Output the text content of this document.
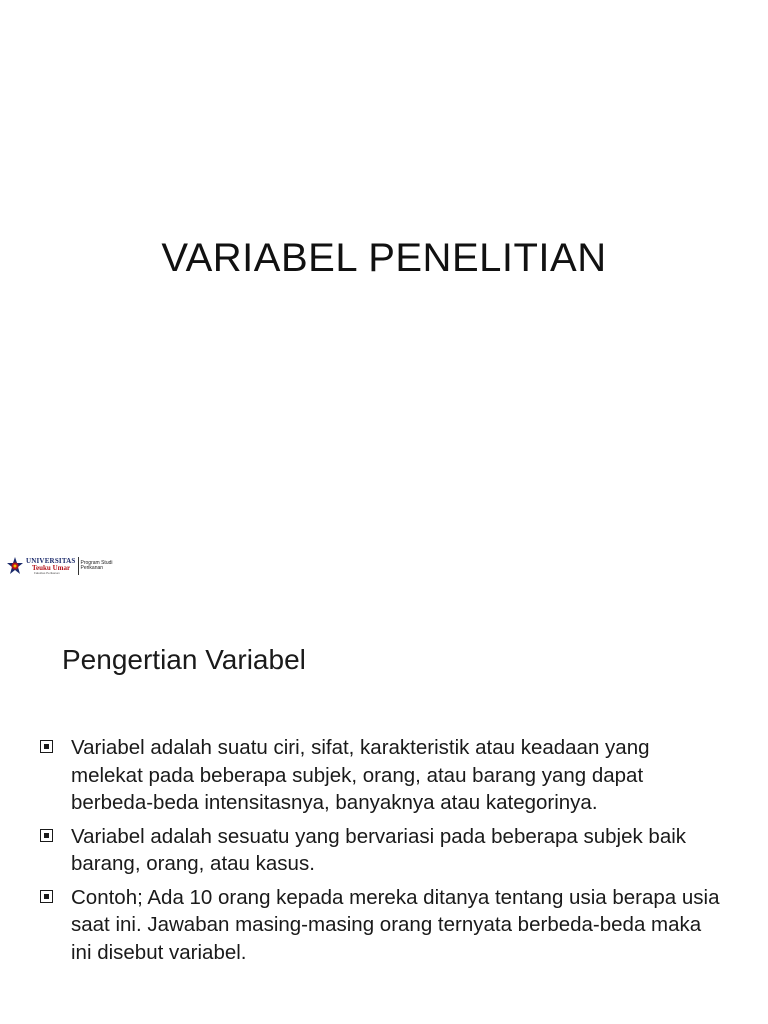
VARIABEL PENELITIAN
UNIVERSITAS
Teuku Umar
Fakultas Perikanan
Program Studi
Perikanan
Pengertian Variabel
Variabel adalah suatu ciri, sifat, karakteristik atau keadaan yang melekat pada beberapa subjek, orang, atau barang yang dapat berbeda-beda intensitasnya, banyaknya atau kategorinya.
Variabel adalah sesuatu yang bervariasi pada beberapa subjek baik barang, orang, atau kasus.
Contoh; Ada 10 orang kepada mereka ditanya tentang usia berapa usia saat ini. Jawaban masing-masing orang ternyata berbeda-beda maka ini disebut variabel.
